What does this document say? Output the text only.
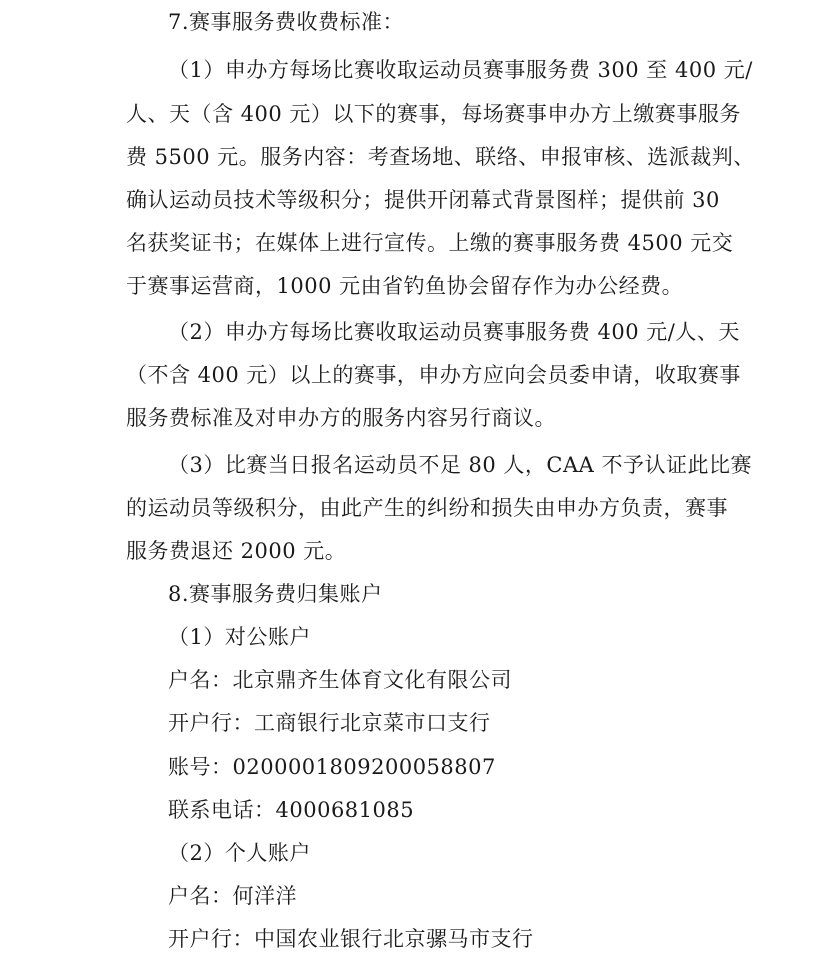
7.赛事服务费收费标准：
（1）申办方每场比赛收取运动员赛事服务费 300 至 400 元/
人、天（含 400 元）以下的赛事，每场赛事申办方上缴赛事服务
费 5500 元。服务内容：考查场地、联络、申报审核、选派裁判、
确认运动员技术等级积分；提供开闭幕式背景图样；提供前 30
名获奖证书；在媒体上进行宣传。上缴的赛事服务费 4500 元交
于赛事运营商，1000 元由省钓鱼协会留存作为办公经费。
（2）申办方每场比赛收取运动员赛事服务费 400 元/人、天
（不含 400 元）以上的赛事，申办方应向会员委申请，收取赛事
服务费标准及对申办方的服务内容另行商议。
（3）比赛当日报名运动员不足 80 人，CAA 不予认证此比赛
的运动员等级积分，由此产生的纠纷和损失由申办方负责，赛事
服务费退还 2000 元。
8.赛事服务费归集账户
（1）对公账户
户名：北京鼎齐生体育文化有限公司
开户行：工商银行北京菜市口支行
账号：0200001809200058807
联系电话：4000681085
（2）个人账户
户名：何洋洋
开户行：中国农业银行北京骡马市支行
